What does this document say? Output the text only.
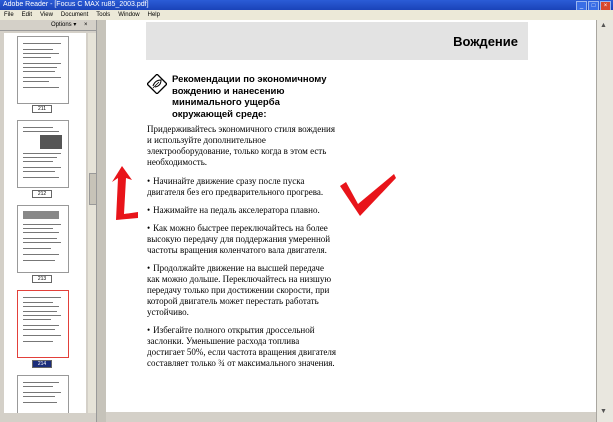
Adobe Reader - [Focus C MAX ru85_2003.pdf]	_	□	×
File	Edit	View	Document	Tools	Window	Help
Options ▾ ×
211
212
213
214
Вождение

Рекомендации по экономичному вождению и нанесению минимального ущерба окружающей среде:

Придерживайтесь экономичного стиля вождения и используйте дополнительное электрооборудование, только когда в этом есть необходимость.

• Начинайте движение сразу после пуска двигателя без его предварительного прогрева.

• Нажимайте на педаль акселератора плавно.

• Как можно быстрее переключайтесь на более высокую передачу для поддержания умеренной частоты вращения коленчатого вала двигателя.

• Продолжайте движение на высшей передаче как можно дольше. Переключайтесь на низшую передачу только при достижении скорости, при которой двигатель может перестать работать устойчиво.

• Избегайте полного открытия дроссельной заслонки. Уменьшение расхода топлива достигает 50%, если частота вращения двигателя составляет только ¾ от максимального значения.

▲
▼
